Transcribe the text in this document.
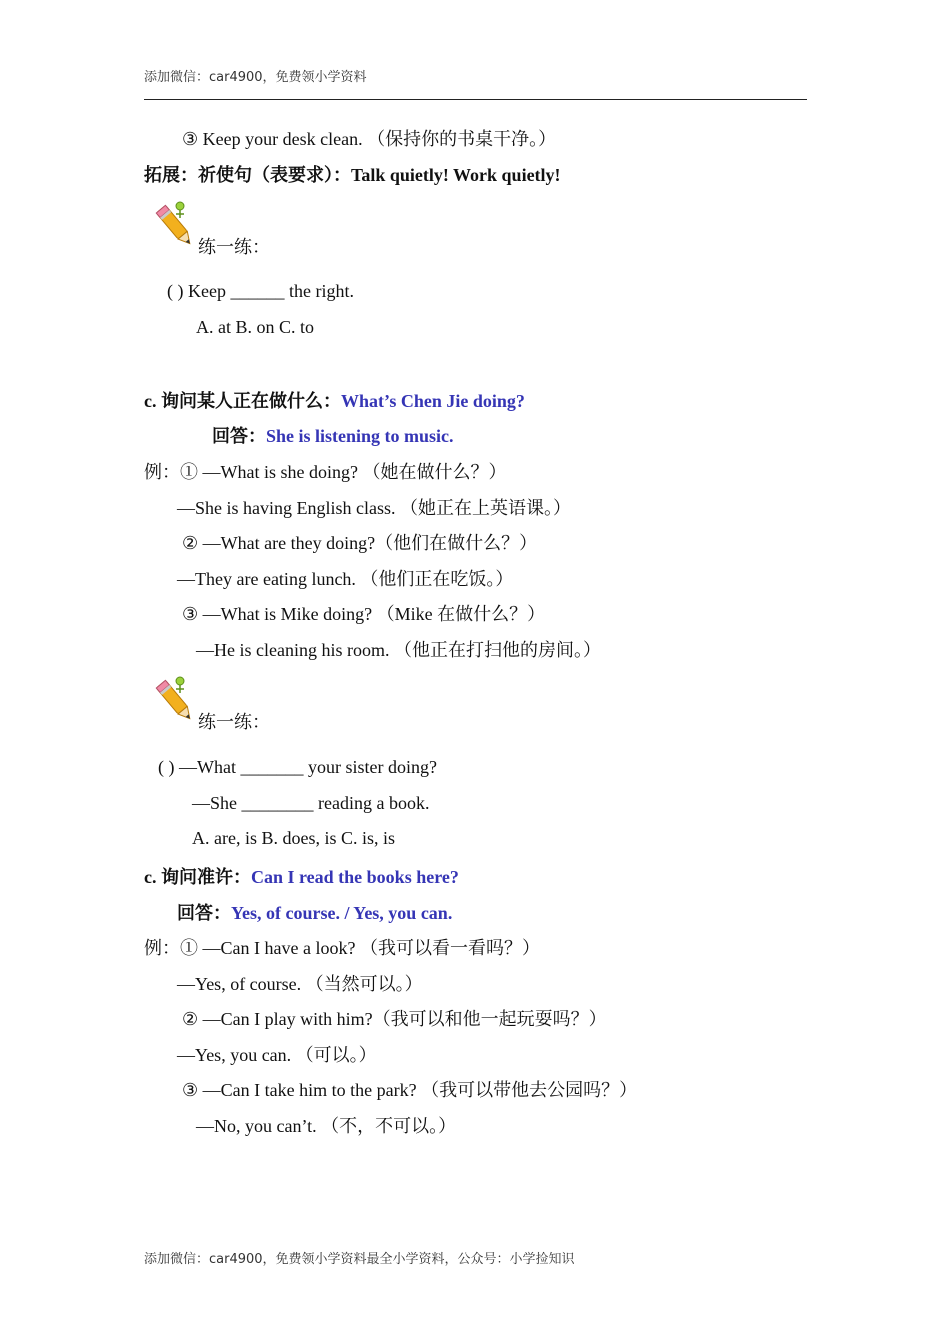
添加微信：car4900，免费领小学资料
③ Keep your desk clean. （保持你的书桌干净。）
拓展：祈使句（表要求）：Talk quietly! Work quietly!
练一练：
( ) Keep ______ the right.
A. at B. on C. to
c. 询问某人正在做什么：What’s Chen Jie doing?
回答：She is listening to music.
例：① —What is she doing? （她在做什么？）
—She is having English class. （她正在上英语课。）
② —What are they doing?（他们在做什么？）
—They are eating lunch. （他们正在吃饭。）
③ —What is Mike doing? （Mike 在做什么？）
—He is cleaning his room. （他正在打扫他的房间。）
练一练：
( ) —What _______ your sister doing?
—She ________ reading a book.
A. are, is B. does, is C. is, is
c. 询问准许：Can I read the books here?
回答：Yes, of course. / Yes, you can.
例：① —Can I have a look? （我可以看一看吗？）
—Yes, of course. （当然可以。）
② —Can I play with him?（我可以和他一起玩耍吗？）
—Yes, you can. （可以。）
③ —Can I take him to the park? （我可以带他去公园吗？）
—No, you can’t. （不，不可以。）
添加微信：car4900，免费领小学资料最全小学资料，公众号：小学捡知识
